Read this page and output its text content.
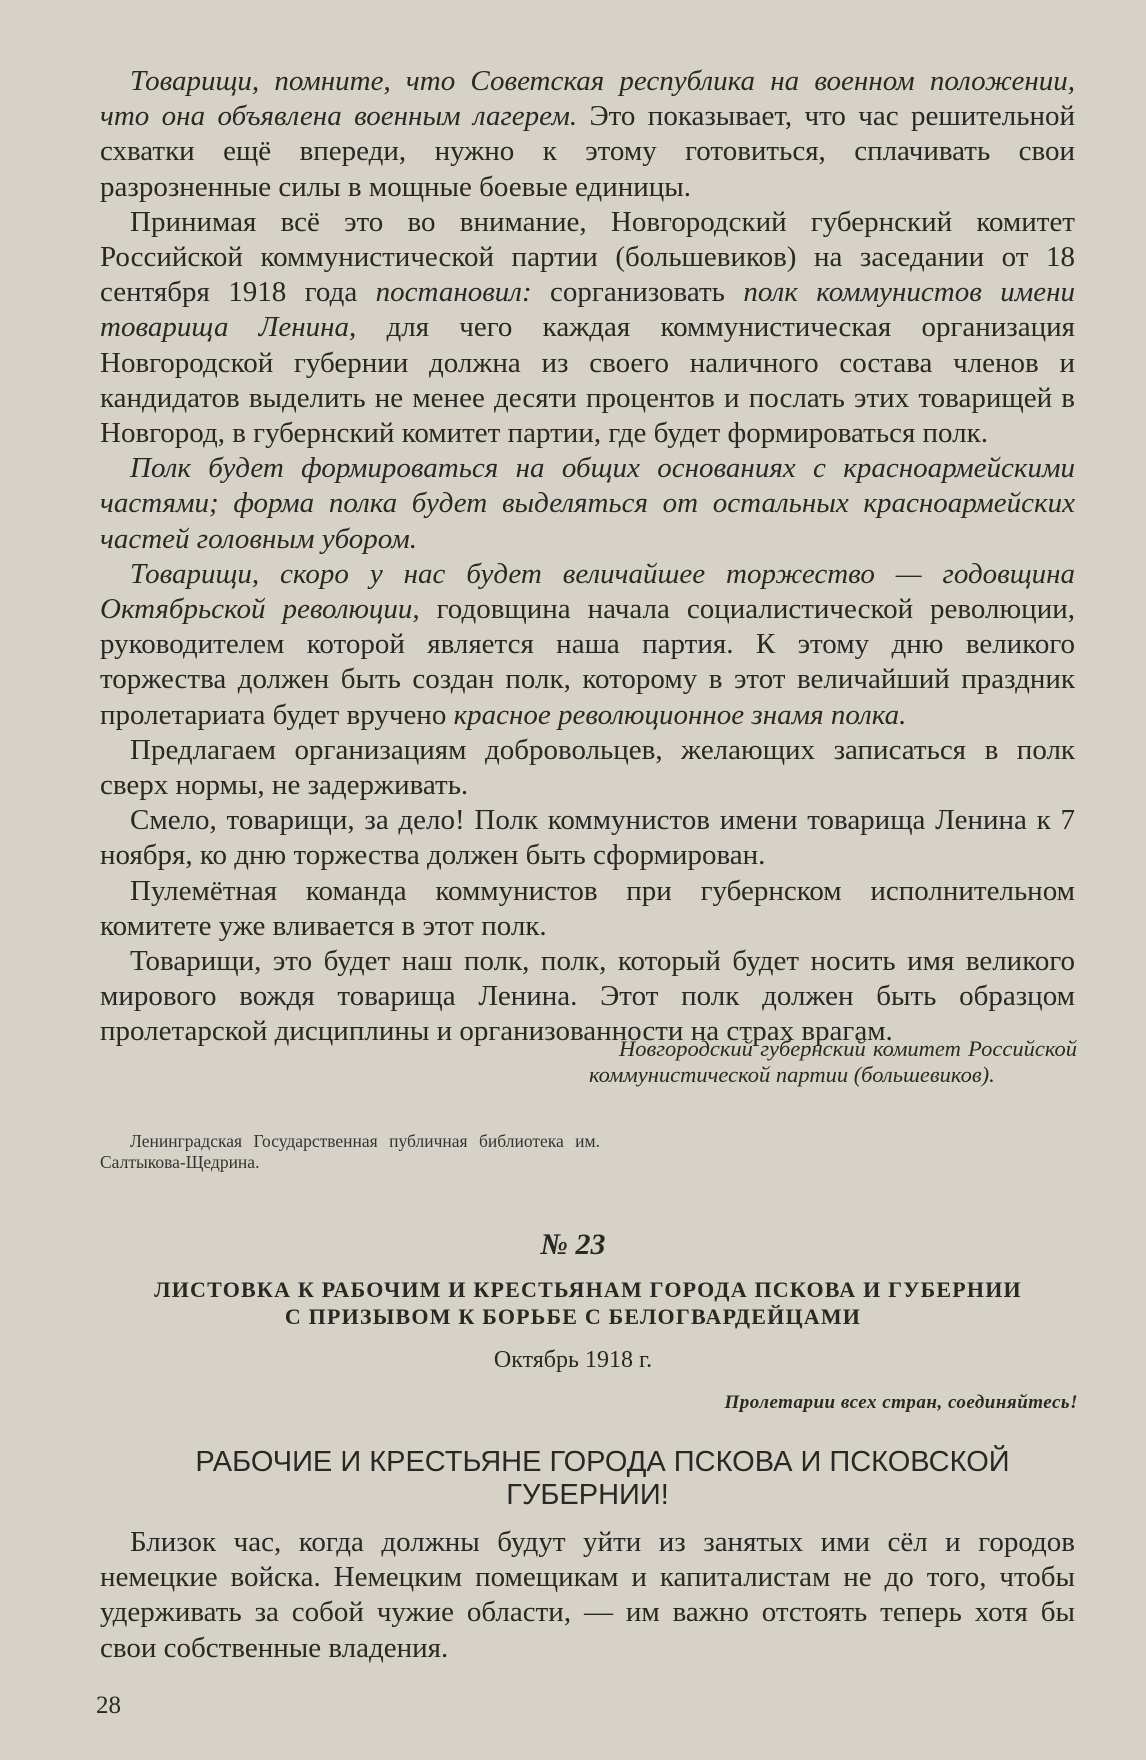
Товарищи, помните, что Советская республика на военном положении, что она объявлена военным лагерем. Это показывает, что час решительной схватки ещё впереди, нужно к этому готовиться, сплачивать свои разрозненные силы в мощные боевые единицы.

Принимая всё это во внимание, Новгородский губернский комитет Российской коммунистической партии (большевиков) на заседании от 18 сентября 1918 года постановил: сорганизовать полк коммунистов имени товарища Ленина, для чего каждая коммунистическая организация Новгородской губернии должна из своего наличного состава членов и кандидатов выделить не менее десяти процентов и послать этих товарищей в Новгород, в губернский комитет партии, где будет формироваться полк.

Полк будет формироваться на общих основаниях с красноармейскими частями; форма полка будет выделяться от остальных красноармейских частей головным убором.

Товарищи, скоро у нас будет величайшее торжество — годовщина Октябрьской революции, годовщина начала социалистической революции, руководителем которой является наша партия. К этому дню великого торжества должен быть создан полк, которому в этот величайший праздник пролетариата будет вручено красное революционное знамя полка.

Предлагаем организациям добровольцев, желающих записаться в полк сверх нормы, не задерживать.

Смело, товарищи, за дело! Полк коммунистов имени товарища Ленина к 7 ноября, ко дню торжества должен быть сформирован.

Пулемётная команда коммунистов при губернском исполнительном комитете уже вливается в этот полк.

Товарищи, это будет наш полк, полк, который будет носить имя великого мирового вождя товарища Ленина. Этот полк должен быть образцом пролетарской дисциплины и организованности на страх врагам.

Новгородский губернский комитет Российской коммунистической партии (большевиков).

Ленинградская Государственная публичная библиотека им. Салтыкова-Щедрина.

№ 23

ЛИСТОВКА К РАБОЧИМ И КРЕСТЬЯНАМ ГОРОДА ПСКОВА И ГУБЕРНИИ С ПРИЗЫВОМ К БОРЬБЕ С БЕЛОГВАРДЕЙЦАМИ

Октябрь 1918 г.
Пролетарии всех стран, соединяйтесь!

РАБОЧИЕ И КРЕСТЬЯНЕ ГОРОДА ПСКОВА И ПСКОВСКОЙ ГУБЕРНИИ!

Близок час, когда должны будут уйти из занятых ими сёл и городов немецкие войска. Немецким помещикам и капиталистам не до того, чтобы удерживать за собой чужие области, — им важно отстоять теперь хотя бы свои собственные владения.

28
